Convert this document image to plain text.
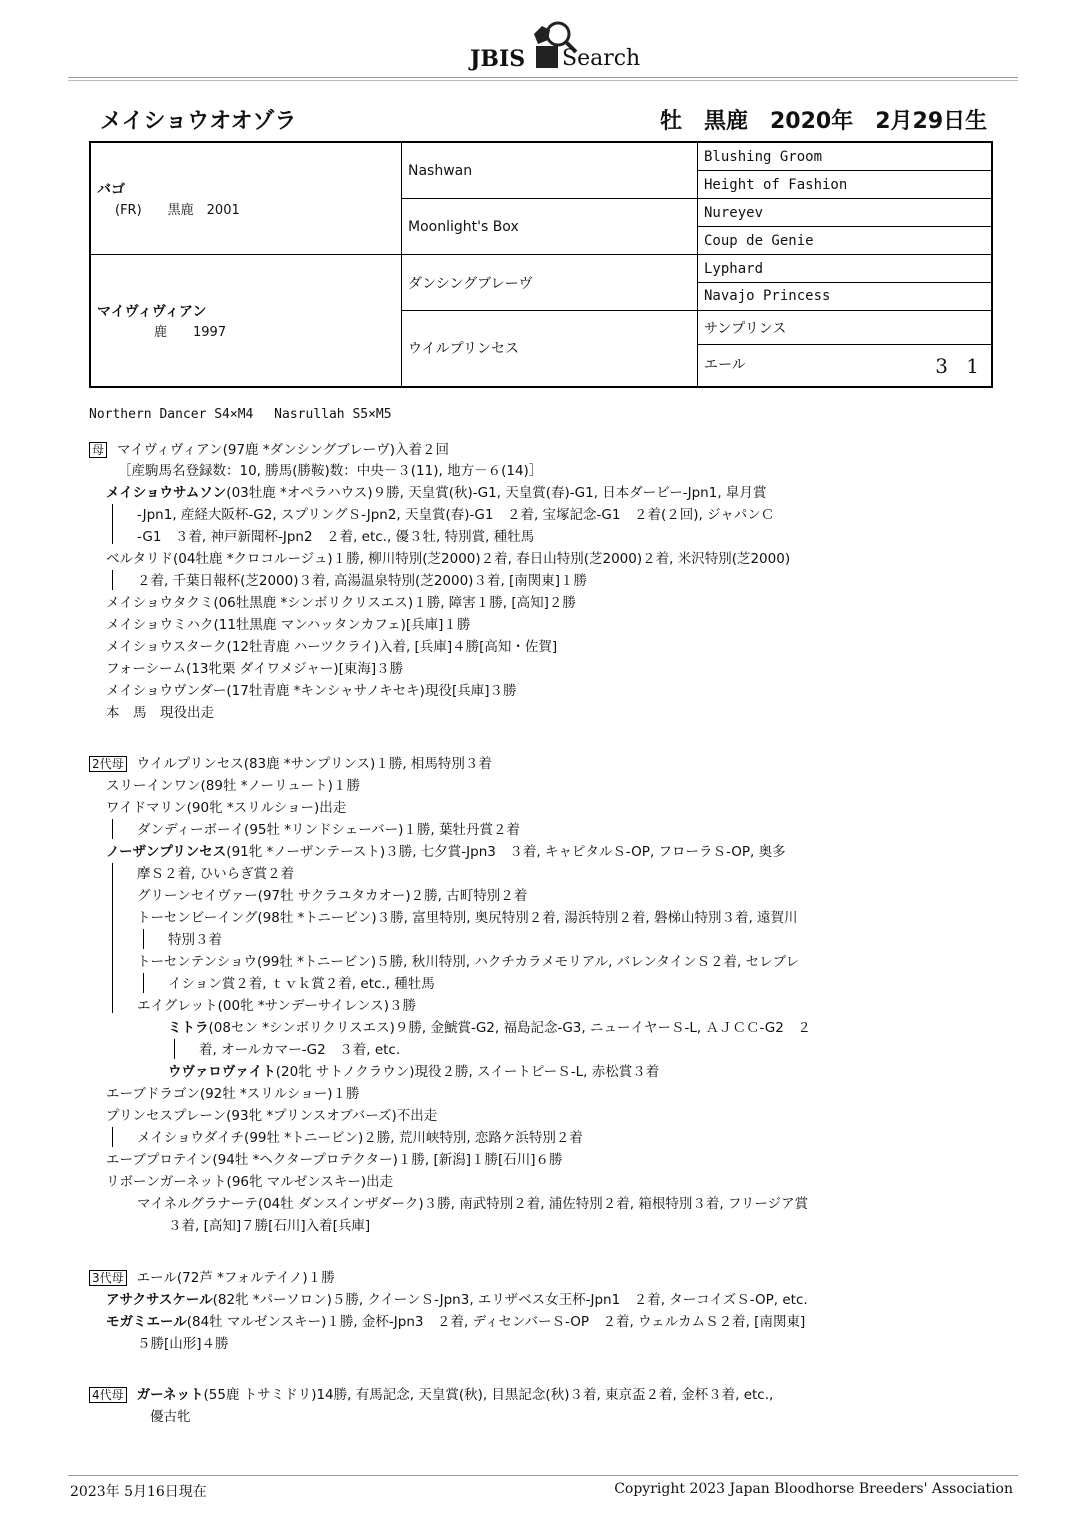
JBIS Search
メイショウオオゾラ	牡　黒鹿　2020年　2月29日生
バゴ
(FR)　　黒鹿　2001	Nashwan	Blushing Groom
		Height of Fashion
	Moonlight's Box	Nureyev
		Coup de Genie

マイヴィヴィアン
　　　鹿　　1997	ダンシングブレーヴ	Lyphard
		Navajo Princess
	ウイルプリンセス	サンプリンス
		エール 3 1
Northern Dancer S4×M4　 Nasrullah S5×M5
母 マイヴィヴィアン(97鹿 *ダンシングブレーヴ)入着２回
［産駒馬名登録数：10, 勝馬(勝鞍)数：中央－３(11), 地方－６(14)］
メイショウサムソン(03牡鹿 *オペラハウス)９勝, 天皇賞(秋)-G1, 天皇賞(春)-G1, 日本ダービー-Jpn1, 皐月賞
-Jpn1, 産経大阪杯-G2, スプリングＳ-Jpn2, 天皇賞(春)-G1　２着, 宝塚記念-G1　２着(２回), ジャパンＣ
-G1　３着, 神戸新聞杯-Jpn2　２着, etc., 優３牡, 特別賞, 種牡馬
ベルタリド(04牡鹿 *クロコルージュ)１勝, 柳川特別(芝2000)２着, 春日山特別(芝2000)２着, 米沢特別(芝2000)
２着, 千葉日報杯(芝2000)３着, 高湯温泉特別(芝2000)３着, [南関東]１勝
メイショウタクミ(06牡黒鹿 *シンボリクリスエス)１勝, 障害１勝, [高知]２勝
メイショウミハク(11牡黒鹿 マンハッタンカフェ)[兵庫]１勝
メイショウスターク(12牡青鹿 ハーツクライ)入着, [兵庫]４勝[高知・佐賀]
フォーシーム(13牝栗 ダイワメジャー)[東海]３勝
メイショウヴンダー(17牡青鹿 *キンシャサノキセキ)現役[兵庫]３勝
本　馬　現役出走
2代母 ウイルプリンセス(83鹿 *サンプリンス)１勝, 相馬特別３着
スリーインワン(89牡 *ノーリュート)１勝
ワイドマリン(90牝 *スリルショー)出走
ダンディーボーイ(95牡 *リンドシェーバー)１勝, 葉牡丹賞２着
ノーザンプリンセス(91牝 *ノーザンテースト)３勝, 七夕賞-Jpn3　３着, キャピタルＳ-OP, フローラＳ-OP, 奥多
摩Ｓ２着, ひいらぎ賞２着
グリーンセイヴァー(97牡 サクラユタカオー)２勝, 古町特別２着
トーセンビーイング(98牡 *トニービン)３勝, 富里特別, 奥尻特別２着, 湯浜特別２着, 磐梯山特別３着, 遠賀川
特別３着
トーセンテンショウ(99牡 *トニービン)５勝, 秋川特別, ハクチカラメモリアル, バレンタインＳ２着, セレブレ
イション賞２着, ｔｖｋ賞２着, etc., 種牡馬
エイグレット(00牝 *サンデーサイレンス)３勝
ミトラ(08セン *シンボリクリスエス)９勝, 金鯱賞-G2, 福島記念-G3, ニューイヤーＳ-L, ＡＪＣＣ-G2　２
着, オールカマー-G2　３着, etc.
ウヴァロヴァイト(20牝 サトノクラウン)現役２勝, スイートピーＳ-L, 赤松賞３着
エーブドラゴン(92牡 *スリルショー)１勝
プリンセスプレーン(93牝 *プリンスオブバーズ)不出走
メイショウダイチ(99牡 *トニービン)２勝, 荒川峡特別, 恋路ケ浜特別２着
エーブプロテイン(94牡 *ヘクタープロテクター)１勝, [新潟]１勝[石川]６勝
リボーンガーネット(96牝 マルゼンスキー)出走
マイネルグラナーテ(04牡 ダンスインザダーク)３勝, 南武特別２着, 浦佐特別２着, 箱根特別３着, フリージア賞
３着, [高知]７勝[石川]入着[兵庫]
3代母 エール(72芦 *フォルテイノ)１勝
アサクサスケール(82牝 *パーソロン)５勝, クイーンＳ-Jpn3, エリザベス女王杯-Jpn1　２着, ターコイズＳ-OP, etc.
モガミエール(84牡 マルゼンスキー)１勝, 金杯-Jpn3　２着, ディセンバーＳ-OP　２着, ウェルカムＳ２着, [南関東]
５勝[山形]４勝
4代母 ガーネット(55鹿 トサミドリ)14勝, 有馬記念, 天皇賞(秋), 目黒記念(秋)３着, 東京盃２着, 金杯３着, etc.,
優古牝
2023年 5月16日現在	Copyright 2023 Japan Bloodhorse Breeders' Association
